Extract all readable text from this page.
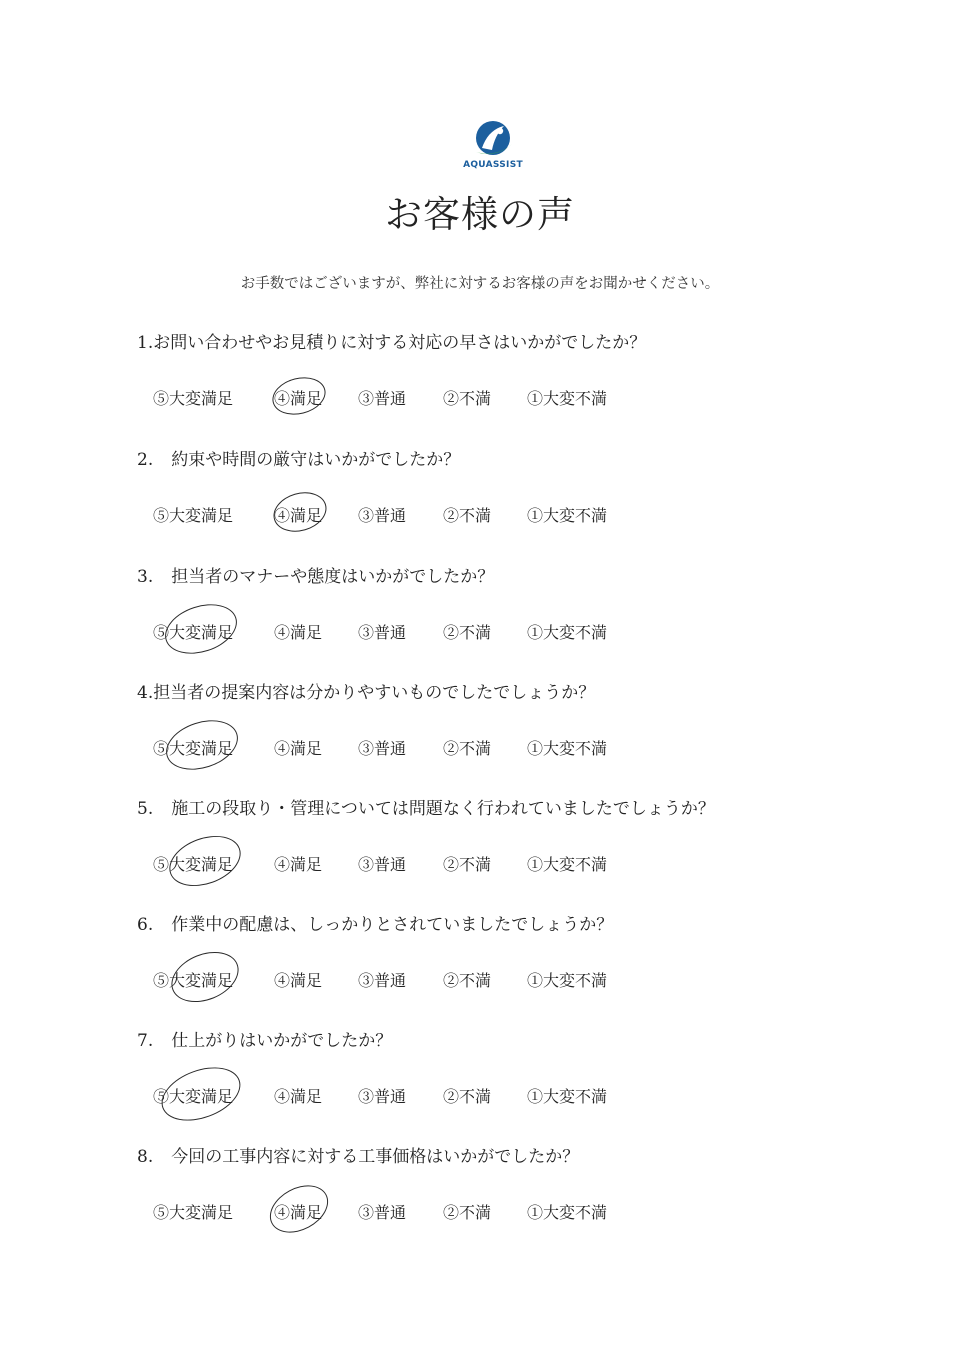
AQUASSIST
お客様の声
お手数ではございますが、弊社に対するお客様の声をお聞かせください。
1.お問い合わせやお見積りに対する対応の早さはいかがでしたか？
⑤大変満足	④満足 ③普通 ②不満 ①大変不満
2. 約束や時間の厳守はいかがでしたか？
⑤大変満足	④満足 ③普通 ②不満 ①大変不満
3. 担当者のマナーや態度はいかがでしたか？
⑤大変満足	④満足 ③普通 ②不満 ①大変不満
4.担当者の提案内容は分かりやすいものでしたでしょうか？
⑤大変満足	④満足 ③普通 ②不満 ①大変不満
5. 施工の段取り・管理については問題なく行われていましたでしょうか？
⑤大変満足	④満足 ③普通 ②不満 ①大変不満
6. 作業中の配慮は、しっかりとされていましたでしょうか？
⑤大変満足	④満足 ③普通 ②不満 ①大変不満
7. 仕上がりはいかがでしたか？
⑤大変満足	④満足 ③普通 ②不満 ①大変不満
8. 今回の工事内容に対する工事価格はいかがでしたか？
⑤大変満足	④満足 ③普通 ②不満 ①大変不満
